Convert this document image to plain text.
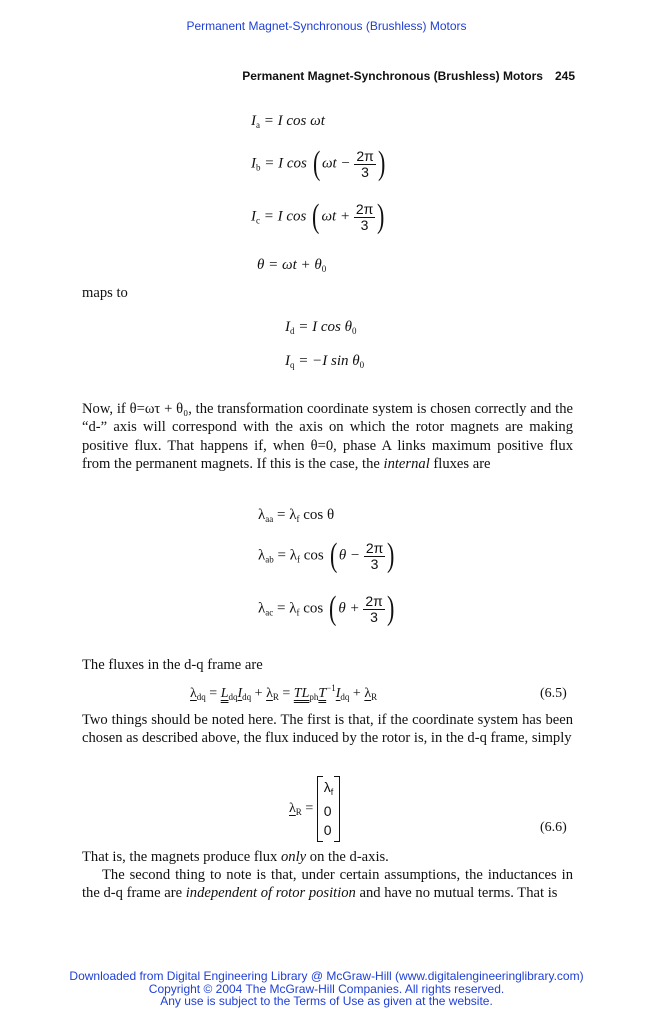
Permanent Magnet-Synchronous (Brushless) Motors
Permanent Magnet-Synchronous (Brushless) Motors 245
$I_a = I$ cos ωt
$I_b = I$ cos ( $\omega t - \frac{2\pi}{3}$ )
$I_c = I$ cos ( $\omega t + \frac{2\pi}{3}$ )
$\theta = \omega t + \theta_0$
maps to
$I_d = I$ $\cos \theta_0$
$I_q = -I$ $\sin \theta_0$
Now, if θ=ωτ + θ₀, the transformation coordinate system is chosen correctly and the “d-” axis will correspond with the axis on which the rotor magnets are making positive flux. That happens if, when θ=0, phase A links maximum positive flux from the permanent magnets. If this is the case, the internal fluxes are
$\lambda_{aa} = \lambda_f$ cos θ
$\lambda_{ab} = \lambda_f$ cos ( $\theta - \frac{2\pi}{3}$ )
$\lambda_{ac} = \lambda_f$ cos ( $\theta + \frac{2\pi}{3}$ )
The fluxes in the d-q frame are
$\lambda_{dq} = L_{dq}I_{dq} + \lambda_R = TL_{ph}T^{-1}I_{dq} + \lambda_R$	(6.5)
Two things should be noted here. The first is that, if the coordinate system has been chosen as described above, the flux induced by the rotor is, in the d-q frame, simply
$\lambda_R$ =
$\lambda_f$
0
0	(6.6)
That is, the magnets produce flux only on the d-axis.
The second thing to note is that, under certain assumptions, the inductances in the d-q frame are independent of rotor position and have no mutual terms. That is
Downloaded from Digital Engineering Library @ McGraw-Hill (www.digitalengineeringlibrary.com)
Copyright © 2004 The McGraw-Hill Companies. All rights reserved.
Any use is subject to the Terms of Use as given at the website.
